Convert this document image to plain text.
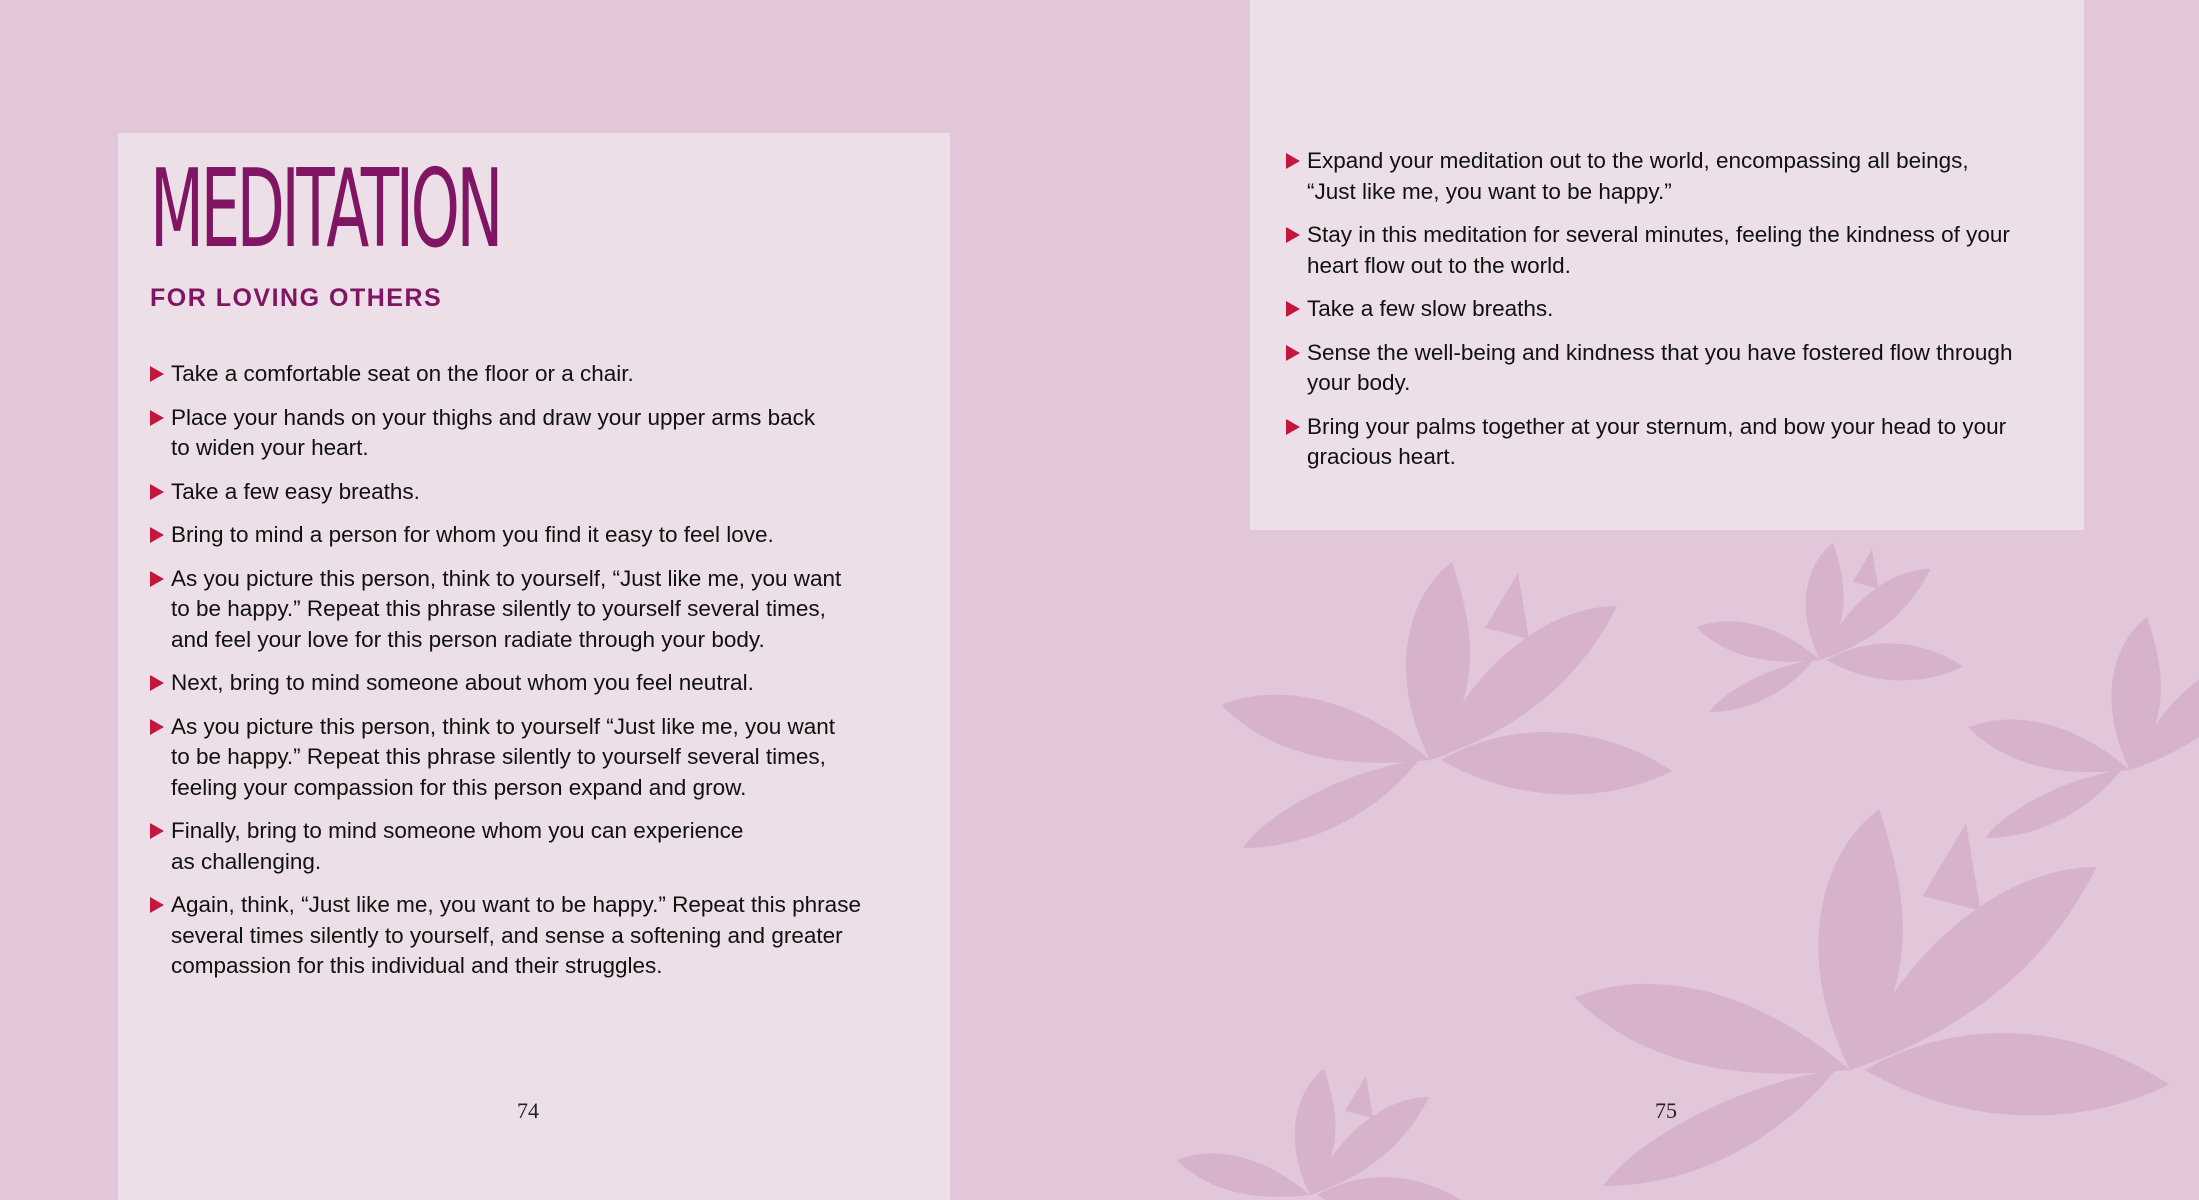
MEDITATION
FOR LOVING OTHERS
Take a comfortable seat on the floor or a chair.
Place your hands on your thighs and draw your upper arms back
to widen your heart.
Take a few easy breaths.
Bring to mind a person for whom you find it easy to feel love.
As you picture this person, think to yourself, “Just like me, you want
to be happy.” Repeat this phrase silently to yourself several times,
and feel your love for this person radiate through your body.
Next, bring to mind someone about whom you feel neutral.
As you picture this person, think to yourself “Just like me, you want
to be happy.” Repeat this phrase silently to yourself several times,
feeling your compassion for this person expand and grow.
Finally, bring to mind someone whom you can experience
as challenging.
Again, think, “Just like me, you want to be happy.” Repeat this phrase
several times silently to yourself, and sense a softening and greater
compassion for this individual and their struggles.
Expand your meditation out to the world, encompassing all beings,
“Just like me, you want to be happy.”
Stay in this meditation for several minutes, feeling the kindness of your
heart flow out to the world.
Take a few slow breaths.
Sense the well-being and kindness that you have fostered flow through
your body.
Bring your palms together at your sternum, and bow your head to your
gracious heart.
74	75
